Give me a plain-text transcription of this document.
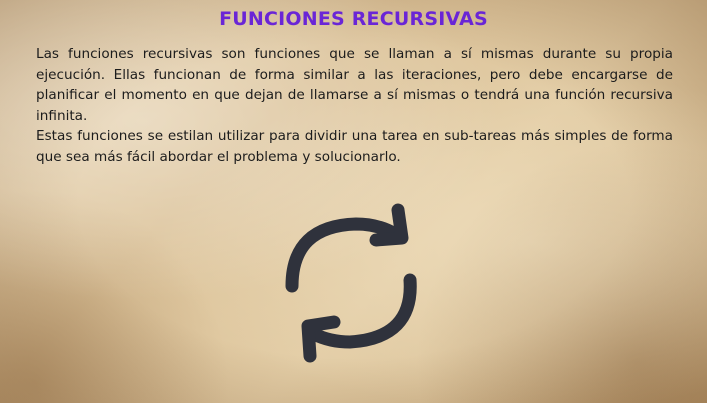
FUNCIONES RECURSIVAS

Las funciones recursivas son funciones que se llaman a sí mismas durante su propia ejecución. Ellas funcionan de forma similar a las iteraciones, pero debe encargarse de planificar el momento en que dejan de llamarse a sí mismas o tendrá una función recursiva infinita.

Estas funciones se estilan utilizar para dividir una tarea en sub-tareas más simples de forma que sea más fácil abordar el problema y solucionarlo.
